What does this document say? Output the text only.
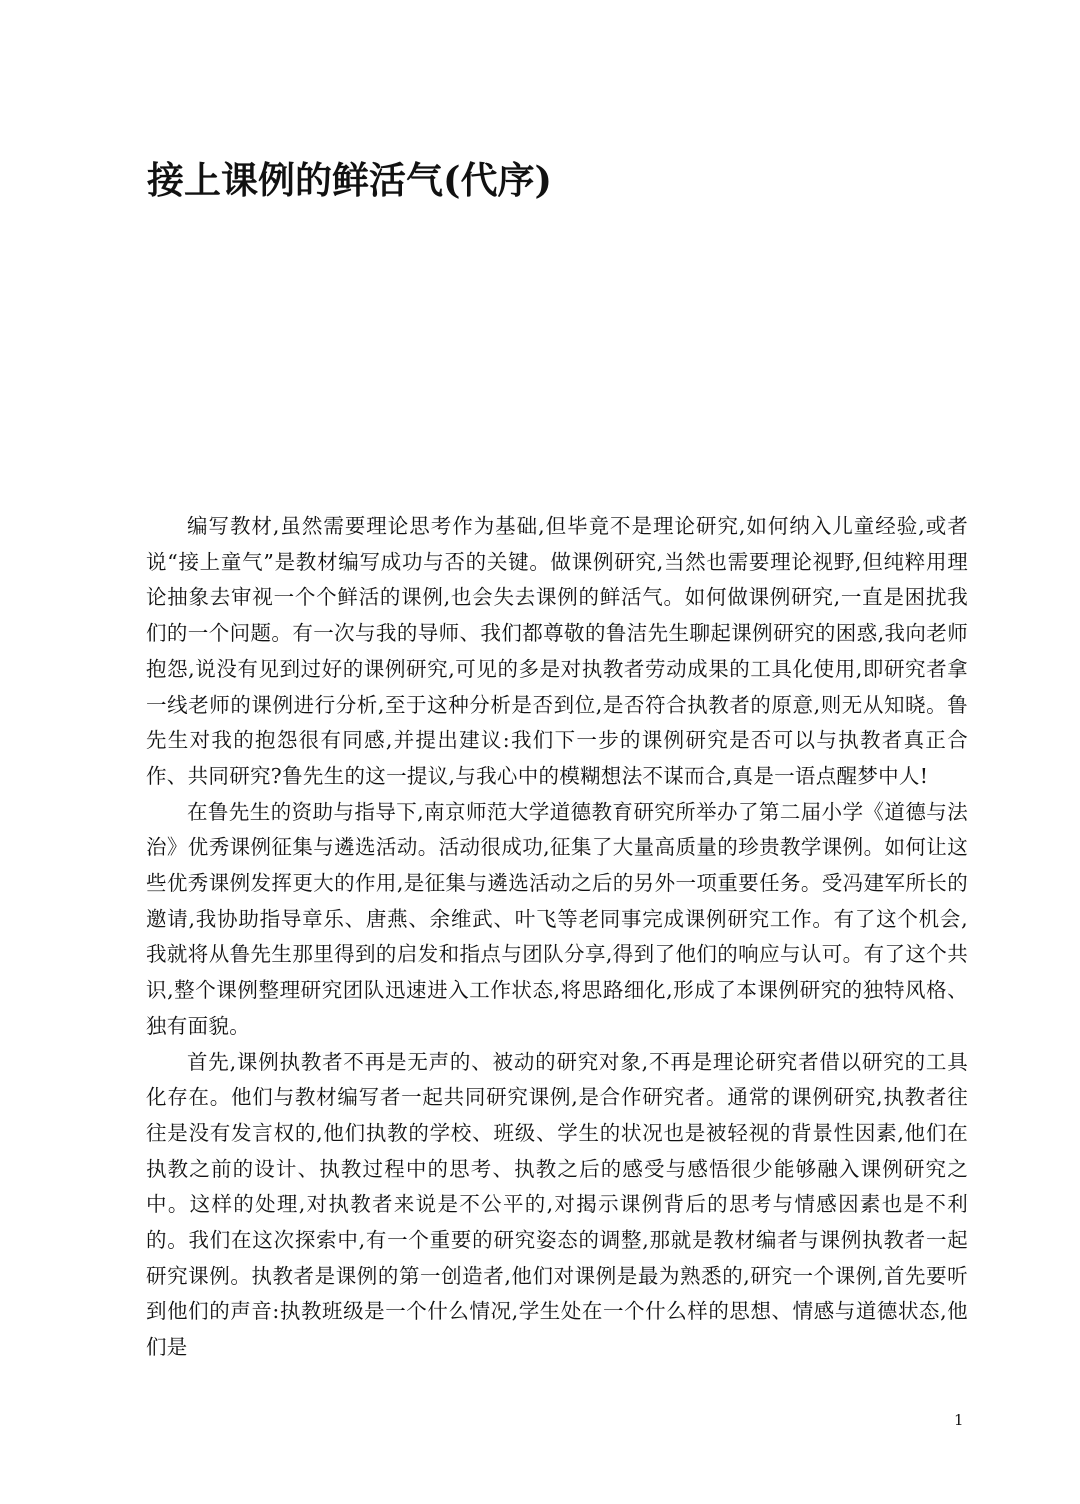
接上课例的鲜活气(代序)

编写教材,虽然需要理论思考作为基础,但毕竟不是理论研究,如何纳入儿童经验,或者说“接上童气”是教材编写成功与否的关键。做课例研究,当然也需要理论视野,但纯粹用理论抽象去审视一个个鲜活的课例,也会失去课例的鲜活气。如何做课例研究,一直是困扰我们的一个问题。有一次与我的导师、我们都尊敬的鲁洁先生聊起课例研究的困惑,我向老师抱怨,说没有见到过好的课例研究,可见的多是对执教者劳动成果的工具化使用,即研究者拿一线老师的课例进行分析,至于这种分析是否到位,是否符合执教者的原意,则无从知晓。鲁先生对我的抱怨很有同感,并提出建议:我们下一步的课例研究是否可以与执教者真正合作、共同研究?鲁先生的这一提议,与我心中的模糊想法不谋而合,真是一语点醒梦中人!

在鲁先生的资助与指导下,南京师范大学道德教育研究所举办了第二届小学《道德与法治》优秀课例征集与遴选活动。活动很成功,征集了大量高质量的珍贵教学课例。如何让这些优秀课例发挥更大的作用,是征集与遴选活动之后的另外一项重要任务。受冯建军所长的邀请,我协助指导章乐、唐燕、余维武、叶飞等老同事完成课例研究工作。有了这个机会,我就将从鲁先生那里得到的启发和指点与团队分享,得到了他们的响应与认可。有了这个共识,整个课例整理研究团队迅速进入工作状态,将思路细化,形成了本课例研究的独特风格、独有面貌。

首先,课例执教者不再是无声的、被动的研究对象,不再是理论研究者借以研究的工具化存在。他们与教材编写者一起共同研究课例,是合作研究者。通常的课例研究,执教者往往是没有发言权的,他们执教的学校、班级、学生的状况也是被轻视的背景性因素,他们在执教之前的设计、执教过程中的思考、执教之后的感受与感悟很少能够融入课例研究之中。这样的处理,对执教者来说是不公平的,对揭示课例背后的思考与情感因素也是不利的。我们在这次探索中,有一个重要的研究姿态的调整,那就是教材编者与课例执教者一起研究课例。执教者是课例的第一创造者,他们对课例是最为熟悉的,研究一个课例,首先要听到他们的声音:执教班级是一个什么情况,学生处在一个什么样的思想、情感与道德状态,他们是

1
